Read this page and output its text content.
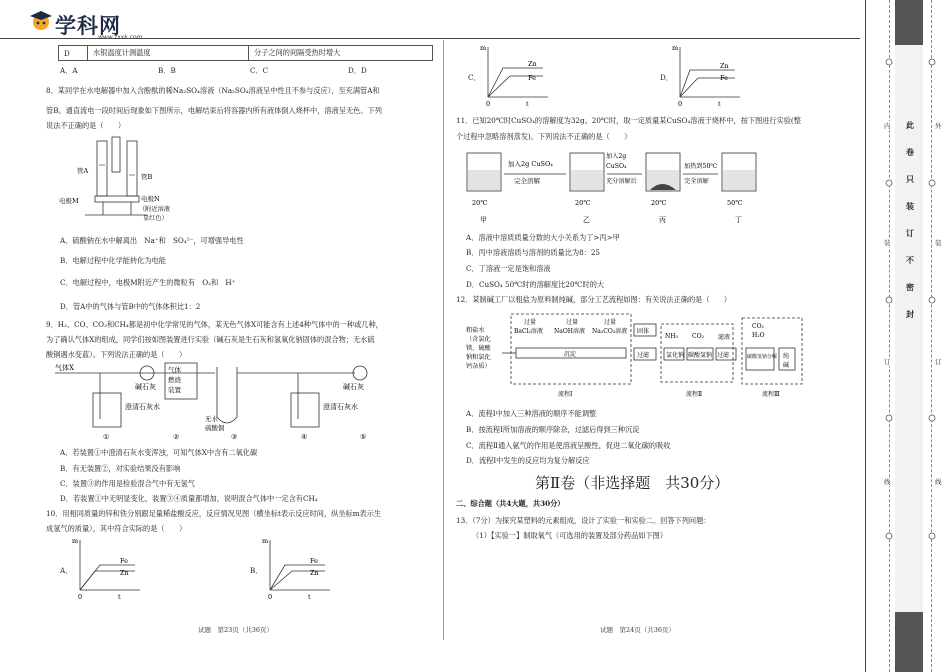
学科网
D	水银温度计测温度	分子之间的间隔受热时增大
A．A	B．B	C．C	D．D
8．某同学在水电解器中加入含酚酞的稀Na₂SO₄溶液（Na₂SO₄溶液呈中性且不参与反应），至充满管A和
管B。通直流电一段时间后现象如下图所示，电解结束后将容器内所有液体倒入烧杯中，溶液呈无色。下列
说法不正确的是（　　）
管A
管B
电极M	电极N
（附近溶液
显红色）
A．硫酸钠在水中解离出　Na⁺和　SO₄²⁻，可增强导电性
B．电解过程中化学能转化为电能
C．电解过程中，电极M附近产生的微粒有　O₂和　H⁺
D．管A中的气体与管B中的气体体积比1：2
9．H₂、CO、CO₂和CH₄都是初中化学常见的气体，某无色气体X可能含有上述4种气体中的一种或几种，
为了确认气体X的组成，同学们按如图装置进行实验（碱石灰是生石灰和氢氧化钠固体的混合物；无水硫
酸铜遇水变蓝）。下列说法正确的是（　　）
气体X
澄清石灰水
碱石灰
气体
燃烧
装置
无水
硫酸铜
澄清石灰水
碱石灰
①	②	③	④	⑤
A．若装置①中澄清石灰水变浑浊，可知气体X中含有二氧化碳
B．有无装置②，对实验结果没有影响
C．装置③的作用是检验混合气中有无氢气
D．若装置①中无明显变化，装置③④质量都增加，说明混合气体中一定含有CH₄
10．用相同质量的锌和铁分别跟足量稀盐酸反应，反应情况见图（横坐标t表示反应时间，纵坐标m表示生
成氢气的质量），其中符合实际的是（　　）
A．
m
0	t
Fe
Zn	B．
m
0	t
Fe
Zn
C．
m
0	t
Zn
Fe	D．
m
0	t
Zn
Fe
11．已知20℃时CuSO₄的溶解度为32g。20℃时，取一定质量某CuSO₄溶液于烧杯中，按下图进行实验(整
个过程中忽略溶剂蒸发)。下列说法不正确的是（　　）
加入2g CuSO₄
完全溶解
加入2g
CuSO₄
充分溶解后
加热到50℃
完全溶解
20℃	20℃	20℃	50℃
甲	乙	丙	丁
A．溶液中溶质质量分数的大小关系为丁>丙>甲
B．丙中溶液溶质与溶剂的质量比为8：25
C．丁溶液一定是饱和溶液
D．CuSO₄ 50℃时的溶解度比20℃时的大
12．某制碱工厂以粗盐为原料制纯碱，部分工艺流程如图：有关说法正确的是（　　）
粗盐水
（含氯化
镁、硫酸
钠和氯化
钙杂质）
过量
BaCl₂溶液
过量
NaOH溶液
过量
Na₂CO₃溶液
沉淀
固体
过滤
NH₃ CO₂
氯化钠 碳酸氢钠 过滤
滤液
CO₂
H₂O
碳酸氢钠分解 纯
碱
流程Ⅰ	流程Ⅱ	流程Ⅲ
A．流程Ⅰ中加入三种溶液的顺序不能调整
B．按流程Ⅰ所加溶液的顺序除杂，过滤后得到三种沉淀
C．流程Ⅱ通入氨气的作用是使溶液呈酸性，促进二氧化碳的吸收
D．流程Ⅰ中发生的反应均为复分解反应
第Ⅱ卷（非选择题　共30分）
二、综合题（共4大题，共30分）
13．（7分）为探究某塑料的元素组成，设计了实验一和实验二。回答下列问题：
（1）【实验一】制取氧气（可选用的装置及部分药品如下图）
试题　第23页（共36页）	试题　第24页（共36页）
此
卷
只
装
订
不
密
封
内
装
订
线
外
装
订
线
